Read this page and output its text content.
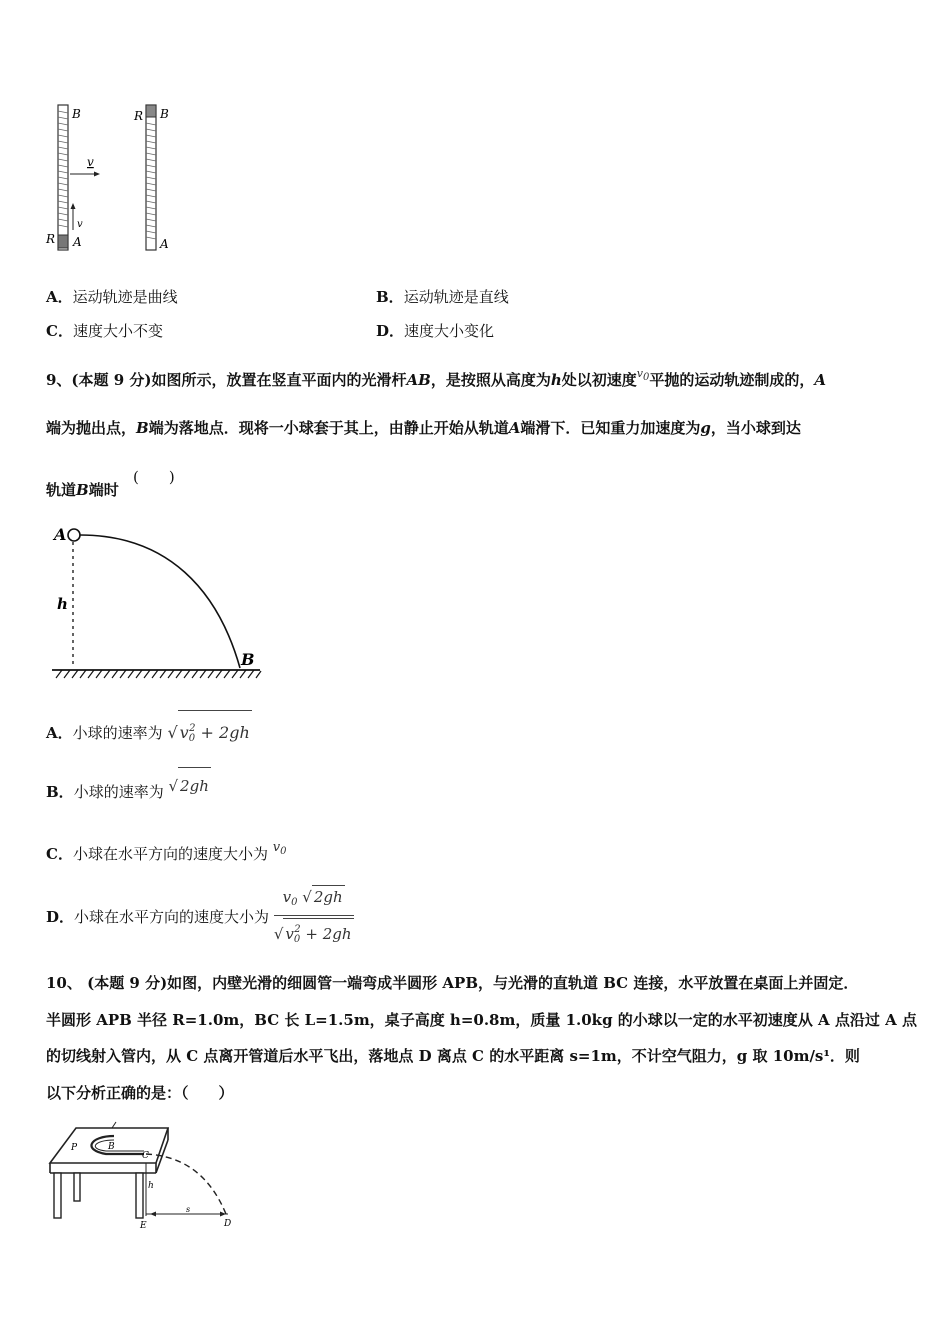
B
R A
v
v
R B
A
A．运动轨迹是曲线	B．运动轨迹是直线
C．速度大小不变	D．速度大小变化
9、(本题 9 分)如图所示，放置在竖直平面内的光滑杆AB，是按照从高度为h处以初速度$^{v0}$平抛的运动轨迹制成的，A
端为抛出点，B端为落地点．现将一小球套于其上，由静止开始从轨道A端滑下．已知重力加速度为g，当小球到达
轨道B端时
(　　)
A
h
B
A．小球的速率为 √ $v_0^2 + 2gh$
B．小球的速率为 √ 2gh
C．小球在水平方向的速度大小为 $v_0$
D．小球在水平方向的速度大小为 $\frac{v_0 √ 2gh}{√ v_0^2 + 2gh}$
10、 (本题 9 分)如图，内壁光滑的细圆管一端弯成半圆形 APB，与光滑的直轨道 BC 连接，水平放置在桌面上并固定．
半圆形 APB 半径 R=1.0m，BC 长 L=1.5m，桌子高度 h=0.8m，质量 1.0kg 的小球以一定的水平初速度从 A 点沿过 A 点
的切线射入管内，从 C 点离开管道后水平飞出，落地点 D 离点 C 的水平距离 s=1m，不计空气阻力，g 取 10m/s¹．则
以下分析正确的是：（　　）
P	B
C
h
E
s
D
